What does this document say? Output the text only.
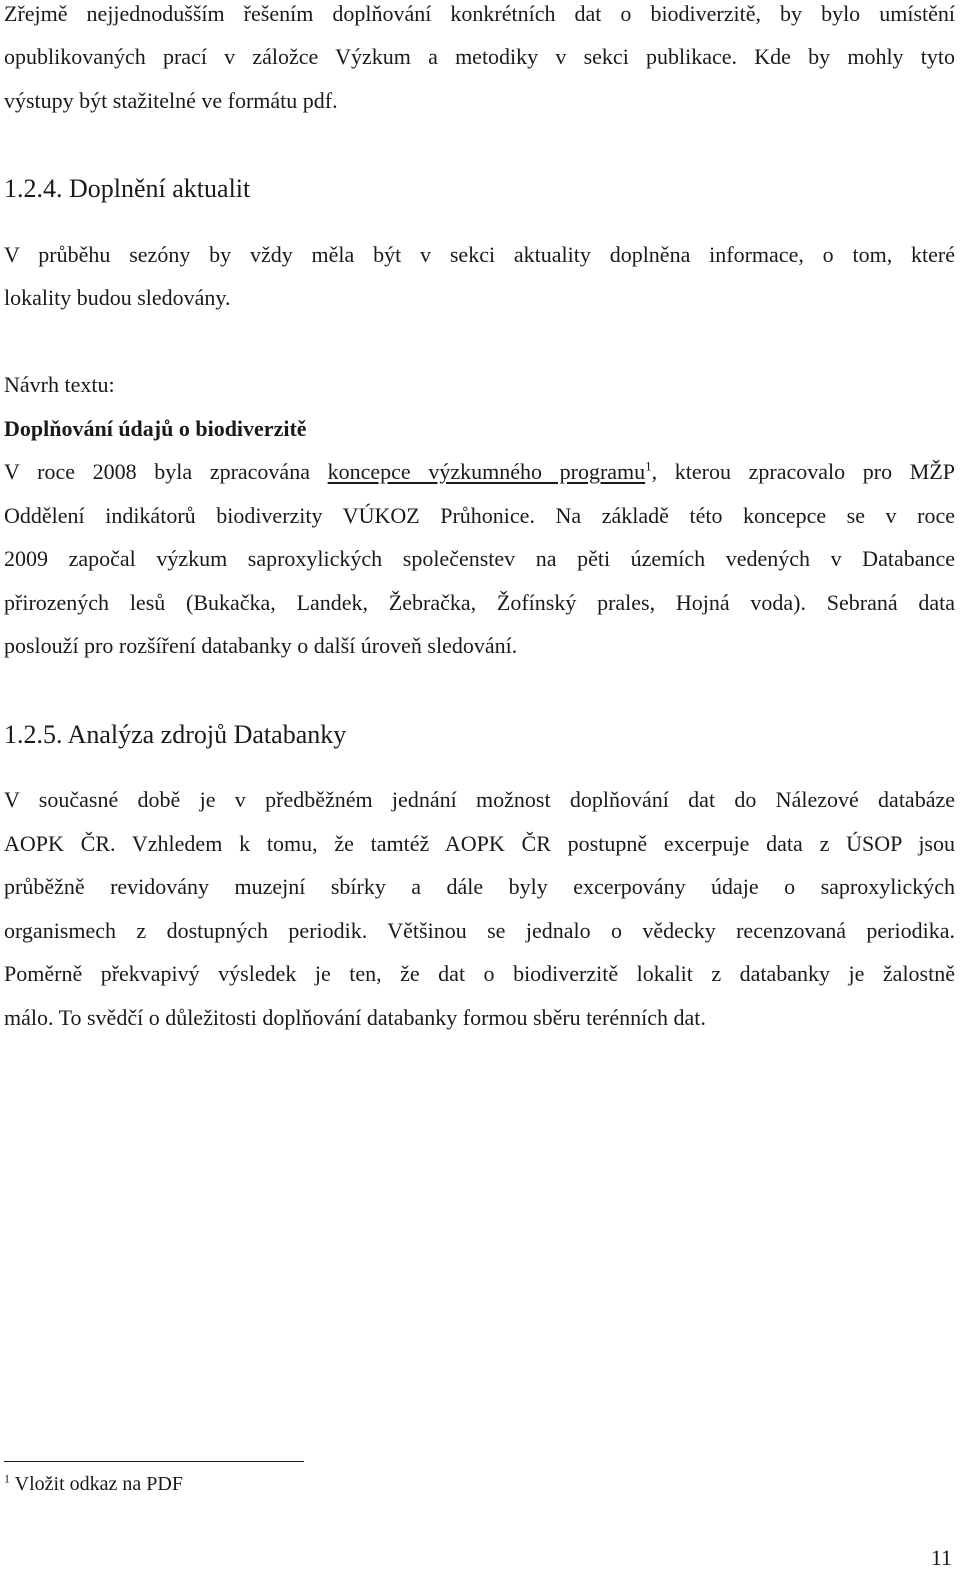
Zřejmě nejjednodušším řešením doplňování konkrétních dat o biodiverzitě, by bylo umístění
opublikovaných prací v záložce Výzkum a metodiky v sekci publikace. Kde by mohly tyto
výstupy být stažitelné ve formátu pdf.
1.2.4. Doplnění aktualit
V průběhu sezóny by vždy měla být v sekci aktuality doplněna informace, o tom, které
lokality budou sledovány.
Návrh textu:
Doplňování údajů o biodiverzitě
V roce 2008 byla zpracována koncepce výzkumného programu$^1$, kterou zpracovalo pro MŽP
Oddělení indikátorů biodiverzity VÚKOZ Průhonice. Na základě této koncepce se v roce
2009 započal výzkum saproxylických společenstev na pěti územích vedených v Databance
přirozených lesů (Bukačka, Landek, Žebračka, Žofínský prales, Hojná voda). Sebraná data
poslouží pro rozšíření databanky o další úroveň sledování.
1.2.5. Analýza zdrojů Databanky
V současné době je v předběžném jednání možnost doplňování dat do Nálezové databáze
AOPK ČR. Vzhledem k tomu, že tamtéž AOPK ČR postupně excerpuje data z ÚSOP jsou
průběžně revidovány muzejní sbírky a dále byly excerpovány údaje o saproxylických
organismech z dostupných periodik. Většinou se jednalo o vědecky recenzovaná periodika.
Poměrně překvapivý výsledek je ten, že dat o biodiverzitě lokalit z databanky je žalostně
málo. To svědčí o důležitosti doplňování databanky formou sběru terénních dat.
$^1$ Vložit odkaz na PDF
11
